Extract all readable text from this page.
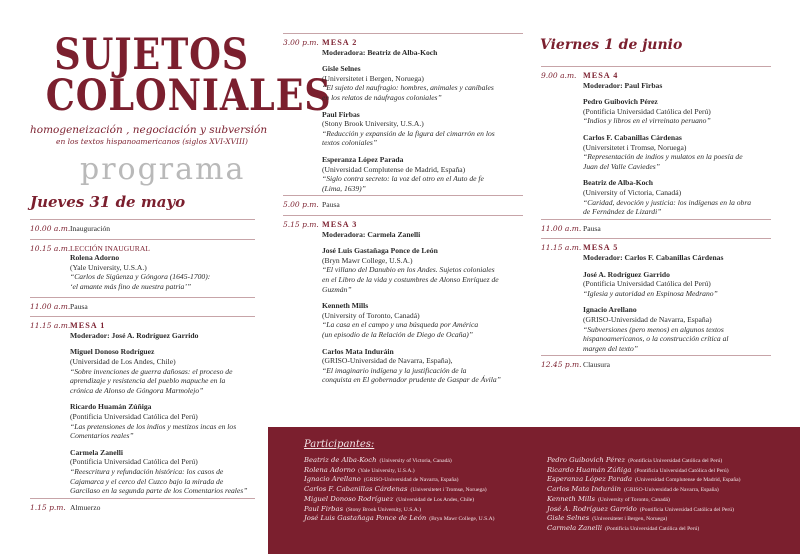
SUJETOS
COLONIALES
homogeneización , negociación y subversión
en los textos hispanoamericanos (siglos XVI-XVIII)
programa
Jueves 31 de mayo
10.00 a.m. Inauguración
10.15 a.m. LECCIÓN INAUGURAL
Rolena Adorno
(Yale University, U.S.A.)
“Carlos de Sigüenza y Góngora (1645-1700):
‘el amante más fino de nuestra patria’”
11.00 a.m. Pausa
11.15 a.m. MESA 1
Moderador: José A. Rodríguez Garrido
Miguel Donoso Rodríguez
(Universidad de Los Andes, Chile)
“Sobre invenciones de guerra dañosas: el proceso de
aprendizaje y resistencia del pueblo mapuche en la
crónica de Alonso de Góngora Marmolejo”
Ricardo Huamán Zúñiga
(Pontificia Universidad Católica del Perú)
“Las pretensiones de los indios y mestizos incas en los
Comentarios reales”
Carmela Zanelli
(Pontificia Universidad Católica del Perú)
“Reescritura y refundación histórica: los casos de
Cajamarca y el cerco del Cuzco bajo la mirada de
Garcilaso en la segunda parte de los Comentarios reales”
1.15 p.m. Almuerzo
3.00 p.m. MESA 2
Moderadora: Beatriz de Alba-Koch
Gisle Selnes
(Universitetet i Bergen, Noruega)
“El sujeto del naufragio: hombres, animales y caníbales
en los relatos de náufragos coloniales”
Paul Firbas
(Stony Brook University, U.S.A.)
“Reducción y expansión de la figura del cimarrón en los
textos coloniales”
Esperanza López Parada
(Universidad Complutense de Madrid, España)
“Siglo contra secreto: la voz del otro en el Auto de fe
(Lima, 1639)”
5.00 p.m. Pausa
5.15 p.m. MESA 3
Moderadora: Carmela Zanelli
José Luis Gastañaga Ponce de León
(Bryn Mawr College, U.S.A.)
“El villano del Danubio en los Andes. Sujetos coloniales
en el Libro de la vida y costumbres de Alonso Enríquez de
Guzmán”
Kenneth Mills
(University of Toronto, Canadá)
“La casa en el campo y una búsqueda por América
(un episodio de la Relación de Diego de Ocaña)”
Carlos Mata Induráin
(GRISO-Universidad de Navarra, España),
“El imaginario indígena y la justificación de la
conquista en El gobernador prudente de Gaspar de Ávila”
Viernes 1 de junio
9.00 a.m. MESA 4
Moderador: Paul Firbas
Pedro Guibovich Pérez
(Pontificia Universidad Católica del Perú)
“Indios y libros en el virreinato peruano”
Carlos F. Cabanillas Cárdenas
(Universitetet i Tromsø, Noruega)
“Representación de indios y mulatos en la poesía de
Juan del Valle Caviedes”
Beatriz de Alba-Koch
(University of Victoria, Canadá)
“Caridad, devoción y justicia: los indígenas en la obra
de Fernández de Lizardi”
11.00 a.m. Pausa
11.15 a.m. MESA 5
Moderador: Carlos F. Cabanillas Cárdenas
José A. Rodríguez Garrido
(Pontificia Universidad Católica del Perú)
“Iglesia y autoridad en Espinosa Medrano”
Ignacio Arellano
(GRISO-Universidad de Navarra, España)
“Subversiones (pero menos) en algunos textos
hispanoamericanos, o la construcción crítica al
margen del texto”
12.45 p.m. Clausura
Participantes:
Beatriz de Alba-Koch (University of Victoria, Canadá)
Rolena Adorno (Yale University, U.S.A.)
Ignacio Arellano (GRISO-Universidad de Navarra, España)
Carlos F. Cabanillas Cárdenas (Universitetet i Tromsø, Noruega)
Miguel Donoso Rodríguez (Universidad de Los Andes, Chile)
Paul Firbas (Stony Brook University, U.S.A.)
José Luis Gastañaga Ponce de León (Bryn Mawr College, U.S.A)
Pedro Guibovich Pérez (Pontificia Universidad Católica del Perú)
Ricardo Huamán Zúñiga (Pontificia Universidad Católica del Perú)
Esperanza López Parada (Universidad Complutense de Madrid, España)
Carlos Mata Induráin (GRISO-Universidad de Navarra, España)
Kenneth Mills (University of Toronto, Canadá)
José A. Rodríguez Garrido (Pontificia Universidad Católica del Perú)
Gisle Selnes (Universitetet i Bergen, Noruega)
Carmela Zanelli (Pontificia Universidad Católica del Perú)
